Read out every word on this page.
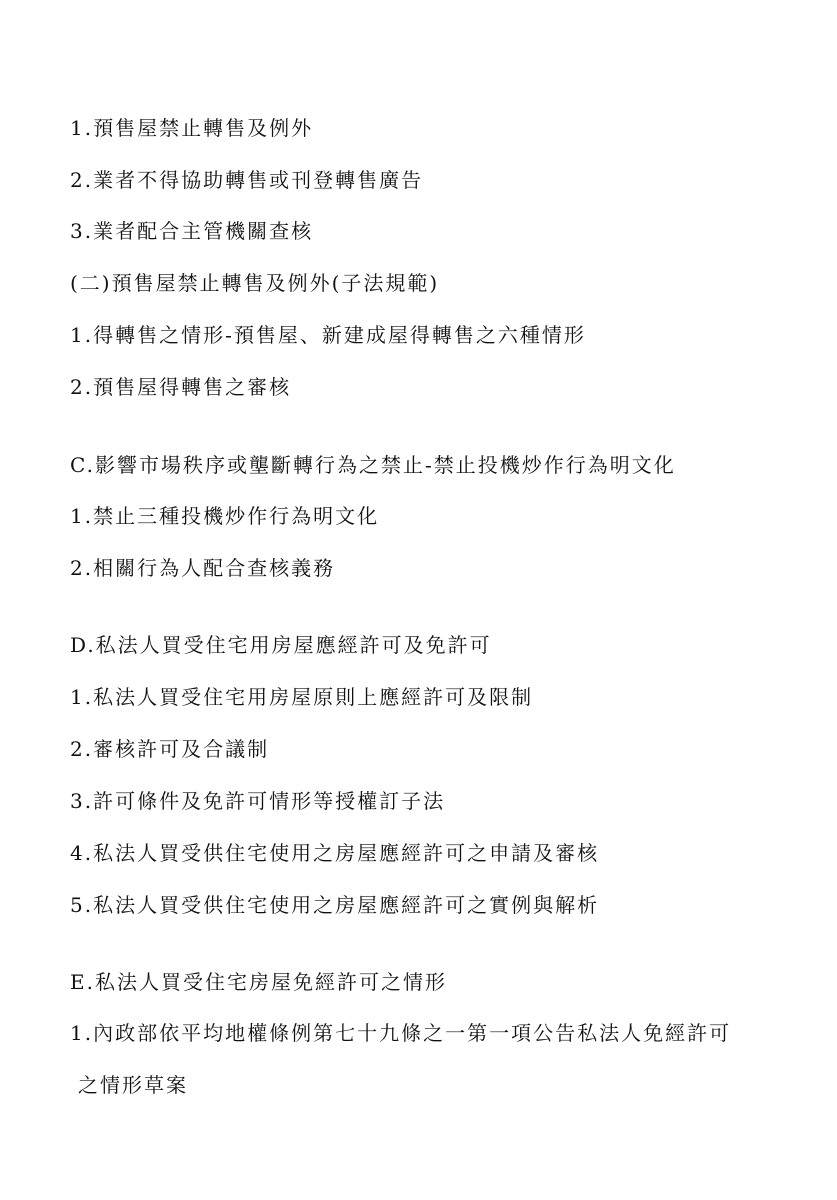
1.預售屋禁止轉售及例外
2.業者不得協助轉售或刊登轉售廣告
3.業者配合主管機關查核
(二)預售屋禁止轉售及例外(子法規範)
1.得轉售之情形-預售屋、新建成屋得轉售之六種情形
2.預售屋得轉售之審核
C.影響市場秩序或壟斷轉行為之禁止-禁止投機炒作行為明文化
1.禁止三種投機炒作行為明文化
2.相關行為人配合查核義務
D.私法人買受住宅用房屋應經許可及免許可
1.私法人買受住宅用房屋原則上應經許可及限制
2.審核許可及合議制
3.許可條件及免許可情形等授權訂子法
4.私法人買受供住宅使用之房屋應經許可之申請及審核
5.私法人買受供住宅使用之房屋應經許可之實例與解析
E.私法人買受住宅房屋免經許可之情形
1.內政部依平均地權條例第七十九條之一第一項公告私法人免經許可
之情形草案
